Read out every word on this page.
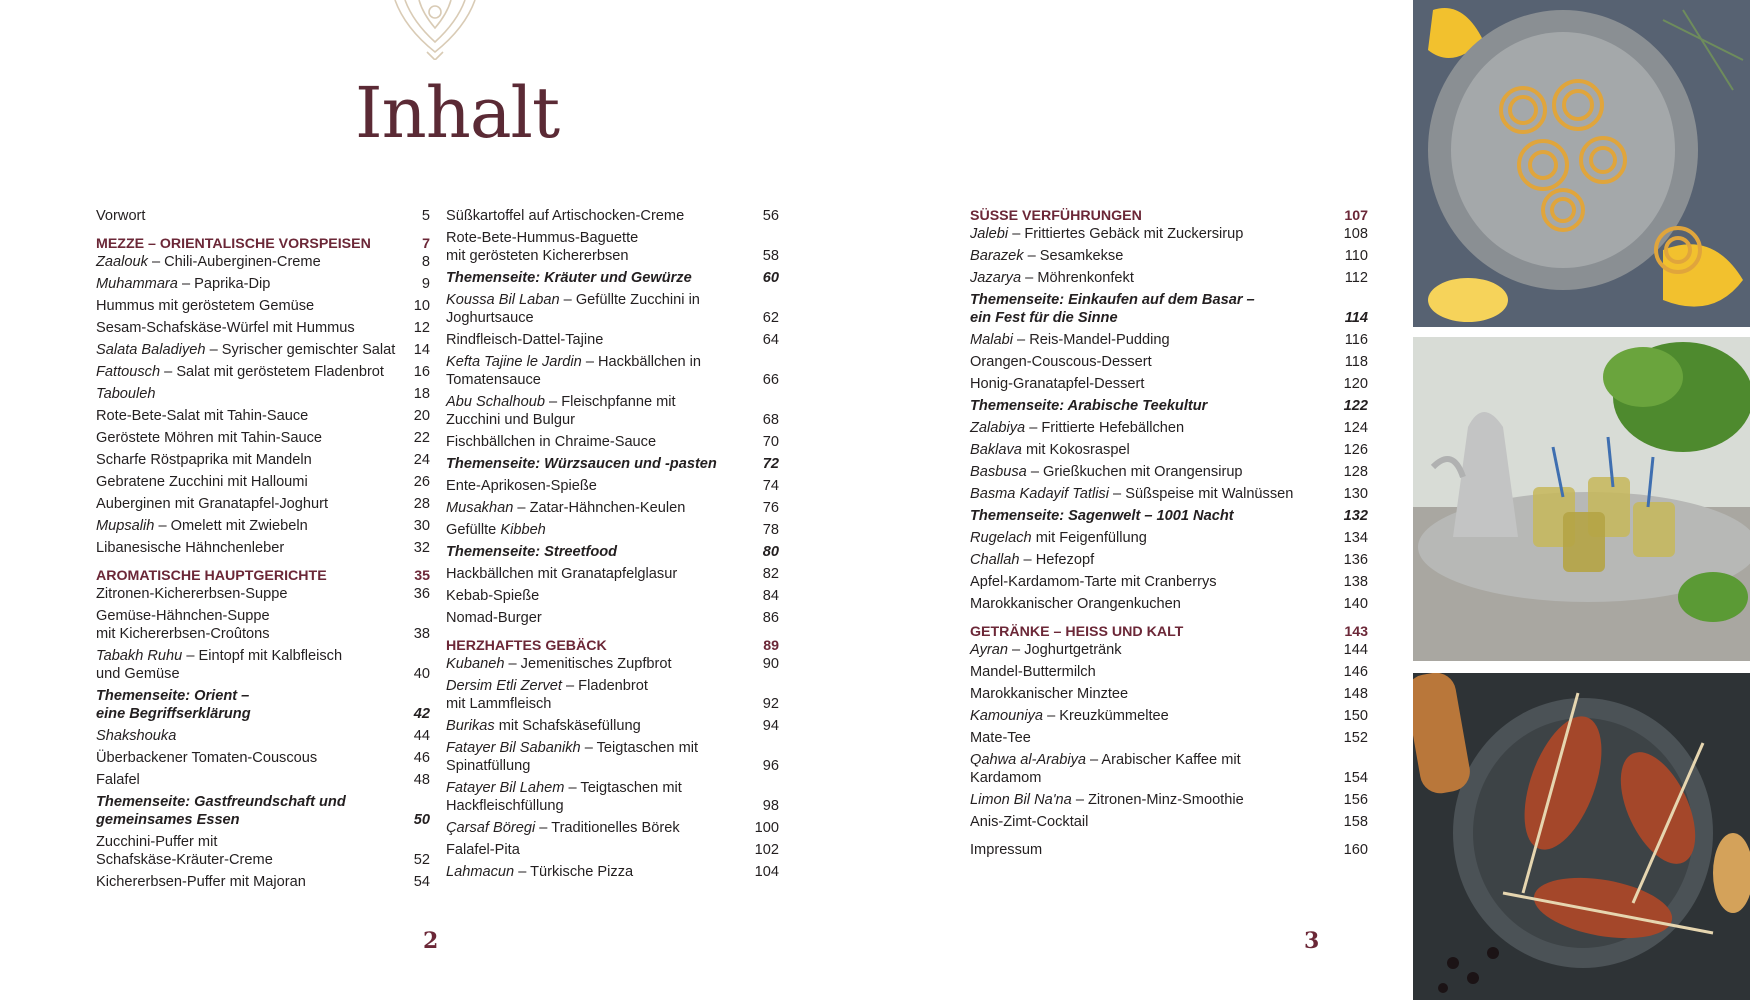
Inhalt
Vorwort	5
MEZZE – ORIENTALISCHE VORSPEISEN	7
Zaalouk – Chili-Auberginen-Creme	8
Muhammara – Paprika-Dip	9
Hummus mit geröstetem Gemüse	10
Sesam-Schafskäse-Würfel mit Hummus	12
Salata Baladiyeh – Syrischer gemischter Salat	14
Fattousch – Salat mit geröstetem Fladenbrot	16
Tabouleh	18
Rote-Bete-Salat mit Tahin-Sauce	20
Geröstete Möhren mit Tahin-Sauce	22
Scharfe Röstpaprika mit Mandeln	24
Gebratene Zucchini mit Halloumi	26
Auberginen mit Granatapfel-Joghurt	28
Mupsalih – Omelett mit Zwiebeln	30
Libanesische Hähnchenleber	32
AROMATISCHE HAUPTGERICHTE	35
Zitronen-Kichererbsen-Suppe	36
Gemüse-Hähnchen-Suppe
mit Kichererbsen-Croûtons	38
Tabakh Ruhu – Eintopf mit Kalbfleisch
und Gemüse	40
Themenseite: Orient –
eine Begriffserklärung	42
Shakshouka	44
Überbackener Tomaten-Couscous	46
Falafel	48
Themenseite: Gastfreundschaft und
gemeinsames Essen	50
Zucchini-Puffer mit
Schafskäse-Kräuter-Creme	52
Kichererbsen-Puffer mit Majoran	54
Süßkartoffel auf Artischocken-Creme	56
Rote-Bete-Hummus-Baguette
mit gerösteten Kichererbsen	58
Themenseite: Kräuter und Gewürze	60
Koussa Bil Laban – Gefüllte Zucchini in
Joghurtsauce	62
Rindfleisch-Dattel-Tajine	64
Kefta Tajine le Jardin – Hackbällchen in
Tomatensauce	66
Abu Schalhoub – Fleischpfanne mit
Zucchini und Bulgur	68
Fischbällchen in Chraime-Sauce	70
Themenseite: Würzsaucen und -pasten	72
Ente-Aprikosen-Spieße	74
Musakhan – Zatar-Hähnchen-Keulen	76
Gefüllte Kibbeh	78
Themenseite: Streetfood	80
Hackbällchen mit Granatapfelglasur	82
Kebab-Spieße	84
Nomad-Burger	86
HERZHAFTES GEBÄCK	89
Kubaneh – Jemenitisches Zupfbrot	90
Dersim Etli Zervet – Fladenbrot
mit Lammfleisch	92
Burikas mit Schafskäsefüllung	94
Fatayer Bil Sabanikh – Teigtaschen mit
Spinatfüllung	96
Fatayer Bil Lahem – Teigtaschen mit
Hackfleischfüllung	98
Çarsaf Böregi – Traditionelles Börek	100
Falafel-Pita	102
Lahmacun – Türkische Pizza	104
SÜSSE VERFÜHRUNGEN	107
Jalebi – Frittiertes Gebäck mit Zuckersirup	108
Barazek – Sesamkekse	110
Jazarya – Möhrenkonfekt	112
Themenseite: Einkaufen auf dem Basar –
ein Fest für die Sinne	114
Malabi – Reis-Mandel-Pudding	116
Orangen-Couscous-Dessert	118
Honig-Granatapfel-Dessert	120
Themenseite: Arabische Teekultur	122
Zalabiya – Frittierte Hefebällchen	124
Baklava mit Kokosraspel	126
Basbusa – Grießkuchen mit Orangensirup	128
Basma Kadayif Tatlisi – Süßspeise mit Walnüssen	130
Themenseite: Sagenwelt – 1001 Nacht	132
Rugelach mit Feigenfüllung	134
Challah – Hefezopf	136
Apfel-Kardamom-Tarte mit Cranberrys	138
Marokkanischer Orangenkuchen	140
GETRÄNKE – HEISS UND KALT	143
Ayran – Joghurtgetränk	144
Mandel-Buttermilch	146
Marokkanischer Minztee	148
Kamouniya – Kreuzkümmeltee	150
Mate-Tee	152
Qahwa al-Arabiya – Arabischer Kaffee mit
Kardamom	154
Limon Bil Na'na – Zitronen-Minz-Smoothie	156
Anis-Zimt-Cocktail	158
Impressum	160
2	3
